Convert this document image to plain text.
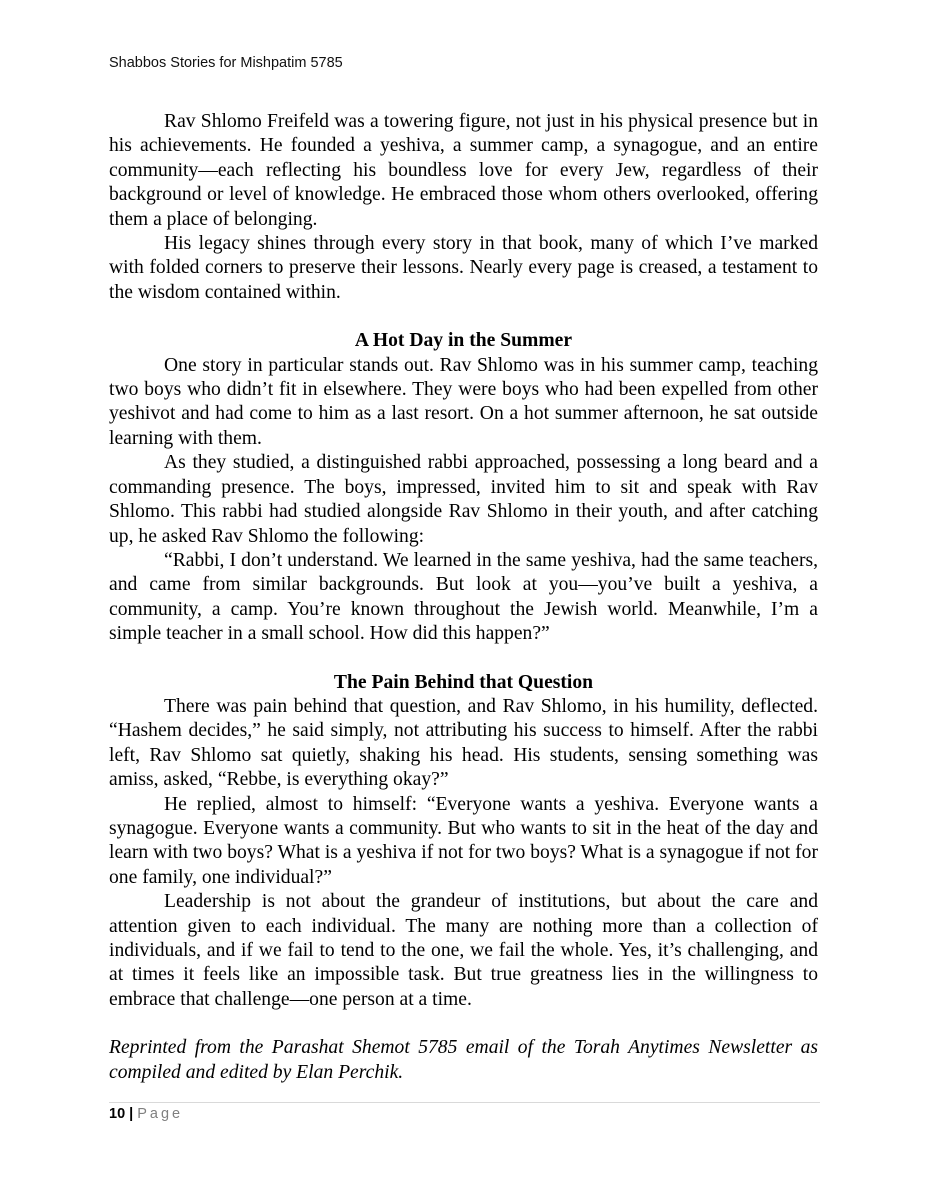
Shabbos Stories for Mishpatim 5785

Rav Shlomo Freifeld was a towering figure, not just in his physical presence but in his achievements. He founded a yeshiva, a summer camp, a synagogue, and an entire community—each reflecting his boundless love for every Jew, regardless of their background or level of knowledge. He embraced those whom others overlooked, offering them a place of belonging.

His legacy shines through every story in that book, many of which I’ve marked with folded corners to preserve their lessons. Nearly every page is creased, a testament to the wisdom contained within.

A Hot Day in the Summer

One story in particular stands out. Rav Shlomo was in his summer camp, teaching two boys who didn’t fit in elsewhere. They were boys who had been expelled from other yeshivot and had come to him as a last resort. On a hot summer afternoon, he sat outside learning with them.

As they studied, a distinguished rabbi approached, possessing a long beard and a commanding presence. The boys, impressed, invited him to sit and speak with Rav Shlomo. This rabbi had studied alongside Rav Shlomo in their youth, and after catching up, he asked Rav Shlomo the following:

“Rabbi, I don’t understand. We learned in the same yeshiva, had the same teachers, and came from similar backgrounds. But look at you—you’ve built a yeshiva, a community, a camp. You’re known throughout the Jewish world. Meanwhile, I’m a simple teacher in a small school. How did this happen?”

The Pain Behind that Question

There was pain behind that question, and Rav Shlomo, in his humility, deflected. “Hashem decides,” he said simply, not attributing his success to himself. After the rabbi left, Rav Shlomo sat quietly, shaking his head. His students, sensing something was amiss, asked, “Rebbe, is everything okay?”

He replied, almost to himself: “Everyone wants a yeshiva. Everyone wants a synagogue. Everyone wants a community. But who wants to sit in the heat of the day and learn with two boys? What is a yeshiva if not for two boys? What is a synagogue if not for one family, one individual?”

Leadership is not about the grandeur of institutions, but about the care and attention given to each individual. The many are nothing more than a collection of individuals, and if we fail to tend to the one, we fail the whole. Yes, it’s challenging, and at times it feels like an impossible task. But true greatness lies in the willingness to embrace that challenge—one person at a time.

Reprinted from the Parashat Shemot 5785 email of the Torah Anytimes Newsletter as compiled and edited by Elan Perchik.

10 | Page
